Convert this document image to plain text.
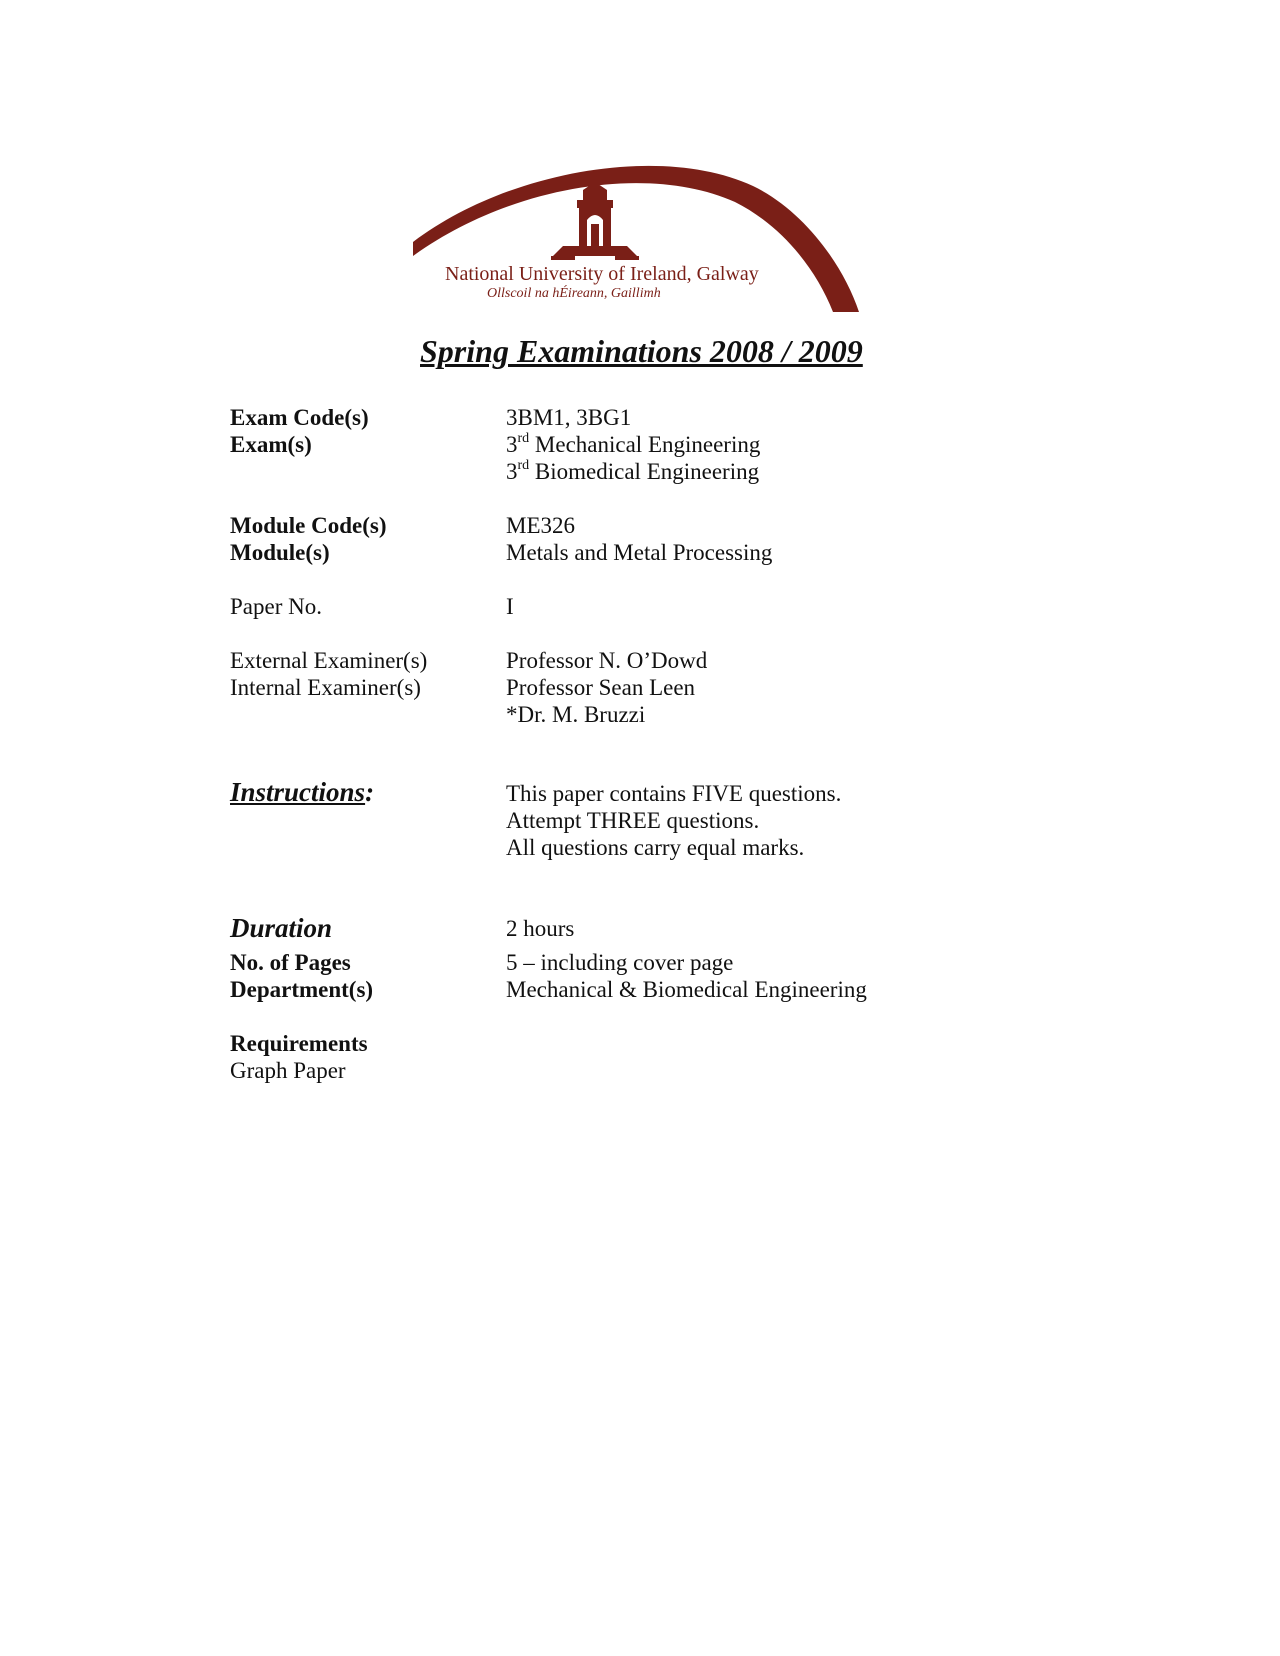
National University of Ireland, Galway
Ollscoil na hÉireann, Gaillimh
Spring Examinations 2008 / 2009
Exam Code(s)	3BM1, 3BG1
Exam(s)	3rd Mechanical Engineering
3rd Biomedical Engineering
Module Code(s)	ME326
Module(s)	Metals and Metal Processing
Paper No.	I
External Examiner(s)	Professor N. O’Dowd
Internal Examiner(s)	Professor Sean Leen
*Dr. M. Bruzzi
Instructions:	This paper contains FIVE questions.
Attempt THREE questions.
All questions carry equal marks.
Duration	2 hours
No. of Pages	5 – including cover page
Department(s)	Mechanical & Biomedical Engineering
Requirements
Graph Paper
